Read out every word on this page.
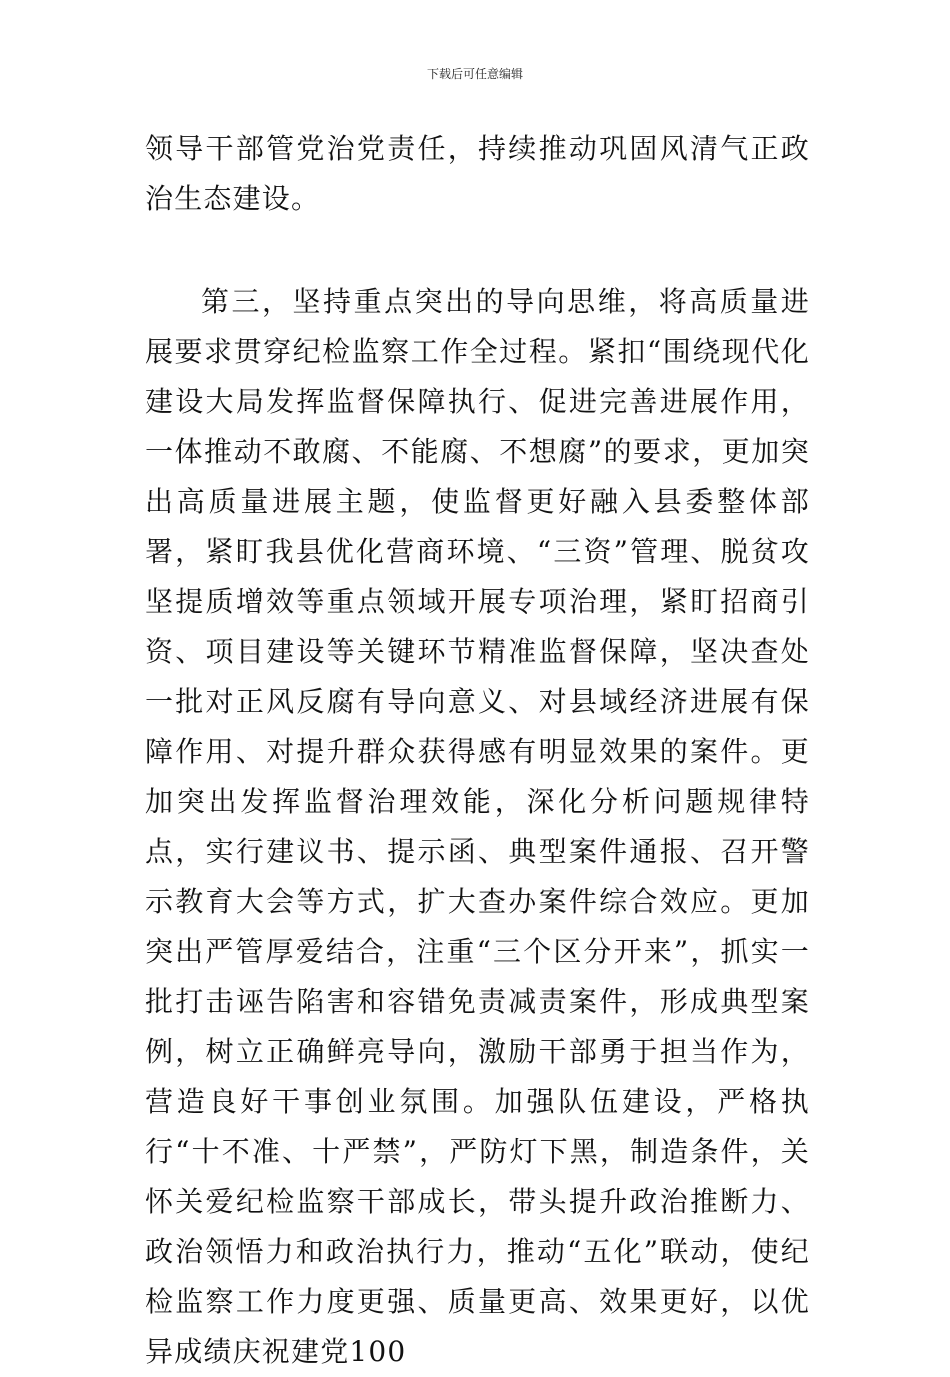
下载后可任意编辑

领导干部管党治党责任，持续推动巩固风清气正政治生态建设。

第三，坚持重点突出的导向思维，将高质量进展要求贯穿纪检监察工作全过程。紧扣“围绕现代化建设大局发挥监督保障执行、促进完善进展作用，一体推动不敢腐、不能腐、不想腐”的要求，更加突出高质量进展主题，使监督更好融入县委整体部署，紧盯我县优化营商环境、“三资”管理、脱贫攻坚提质增效等重点领域开展专项治理，紧盯招商引资、项目建设等关键环节精准监督保障，坚决查处一批对正风反腐有导向意义、对县域经济进展有保障作用、对提升群众获得感有明显效果的案件。更加突出发挥监督治理效能，深化分析问题规律特点，实行建议书、提示函、典型案件通报、召开警示教育大会等方式，扩大查办案件综合效应。更加突出严管厚爱结合，注重“三个区分开来”，抓实一批打击诬告陷害和容错免责减责案件，形成典型案例，树立正确鲜亮导向，激励干部勇于担当作为，营造良好干事创业氛围。加强队伍建设，严格执行“十不准、十严禁”，严防灯下黑，制造条件，关怀关爱纪检监察干部成长，带头提升政治推断力、政治领悟力和政治执行力，推动“五化”联动，使纪检监察工作力度更强、质量更高、效果更好，以优异成绩庆祝建党100
